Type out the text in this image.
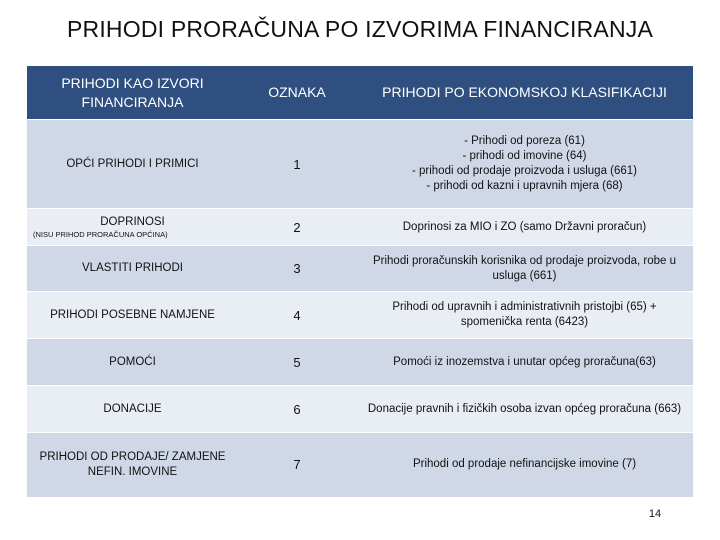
PRIHODI PRORAČUNA PO IZVORIMA FINANCIRANJA
PRIHODI KAO IZVORI FINANCIRANJA	OZNAKA	PRIHODI PO EKONOMSKOJ KLASIFIKACIJI
OPĆI PRIHODI I PRIMICI	1	- Prihodi od poreza (61)
- prihodi od imovine (64)
- prihodi od prodaje proizvoda i usluga (661)
- prihodi od kazni i upravnih mjera (68)

DOPRINOSI
(NISU PRIHOD PRORAČUNA OPĆINA)	2	Doprinosi za MIO i ZO (samo Državni proračun)
VLASTITI PRIHODI	3	Prihodi proračunskih korisnika od prodaje proizvoda, robe u usluga (661)
PRIHODI POSEBNE NAMJENE	4	Prihodi od upravnih i administrativnih pristojbi (65) + spomenička renta (6423)
POMOĆI	5	Pomoći iz inozemstva i unutar općeg proračuna(63)
DONACIJE	6	Donacije pravnih i fizičkih osoba izvan općeg proračuna (663)
PRIHODI OD PRODAJE/ ZAMJENE NEFIN. IMOVINE	7	Prihodi od prodaje nefinancijske imovine (7)
14
